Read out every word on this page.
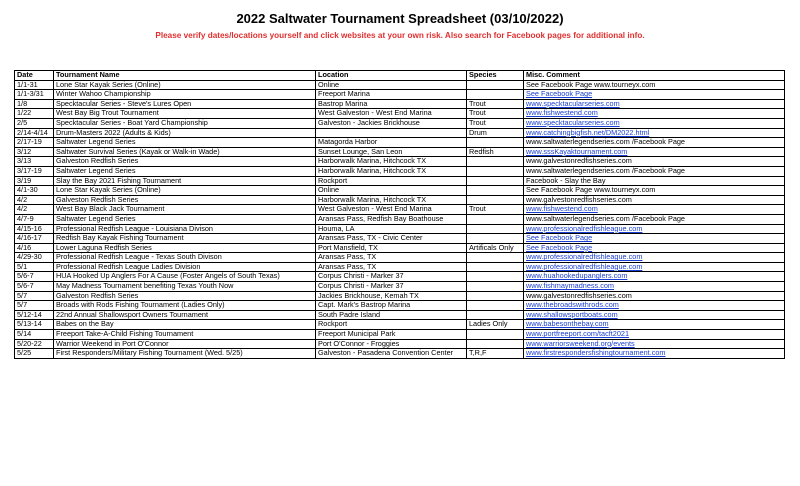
2022 Saltwater Tournament Spreadsheet (03/10/2022)
Please verify dates/locations yourself and click websites at your own risk. Also search for Facebook pages for additional info.
Date	Tournament Name	Location	Species	Misc. Comment
1/1-31	Lone Star Kayak Series (Online)	Online		See Facebook Page www.tourneyx.com
1/1-3/31	Winter Wahoo Championship	Freeport Marina		See Facebook Page
1/8	Specktacular Series - Steve's Lures Open	Bastrop Marina	Trout	www.specktacularseries.com
1/22	West Bay Big Trout Tournament	West Galveston - West End Marina	Trout	www.fishwestend.com
2/5	Specktacular Series - Boat Yard Championship	Galveston - Jackies Brickhouse	Trout	www.specktacularseries.com
2/14-4/14	Drum-Masters 2022 (Adults & Kids)		Drum	www.catchingbigfish.net/DM2022.html
2/17-19	Saltwater Legend Series	Matagorda Harbor		www.saltwaterlegendseries.com /Facebook Page
3/12	Saltwater Survival Series (Kayak or Walk-in Wade)	Sunset Lounge, San Leon	Redfish	www.sssKayaktournament.com
3/13	Galveston Redfish Series	Harborwalk Marina, Hitchcock TX		www.galvestonredfishseries.com
3/17-19	Saltwater Legend Series	Harborwalk Marina, Hitchcock TX		www.saltwaterlegendseries.com /Facebook Page
3/19	Slay the Bay 2021 Fishing Tournament	Rockport		Facebook - Slay the Bay
4/1-30	Lone Star Kayak Series (Online)	Online		See Facebook Page www.tourneyx.com
4/2	Galveston Redfish Series	Harborwalk Marina, Hitchcock TX		www.galvestonredfishseries.com
4/2	West Bay Black Jack Tournament	West Galveston - West End Marina	Trout	www.fishwestend.com
4/7-9	Saltwater Legend Series	Aransas Pass, Redfish Bay Boathouse		www.saltwaterlegendseries.com /Facebook Page
4/15-16	Professional Redfish League - Louisiana Divison	Houma, LA		www.professionalredfishleague.com
4/16-17	Redfish Bay Kayak Fishing Tournament	Aransas Pass, TX - Civic Center		See Facebook Page
4/16	Lower Laguna Redfish Series	Port Mansfield, TX	Artificals Only	See Facebook Page
4/29-30	Professional Redfish League - Texas South Divison	Aransas Pass, TX		www.professionalredfishleague.com
5/1	Professional Redfish League Ladies Division	Aransas Pass, TX		www.professionalredfishleague.com
5/6-7	HUA Hooked Up Anglers For A Cause (Foster Angels of South Texas)	Corpus Christi - Marker 37		www.huahookedupanglers.com
5/6-7	May Madness Tournament benefiting Texas Youth Now	Corpus Christi - Marker 37		www.fishmaymadness.com
5/7	Galveston Redfish Series	Jackies Brickhouse, Kemah TX		www.galvestonredfishseries.com
5/7	Broads with Rods Fishing Tournament (Ladies Only)	Capt. Mark's Bastrop Marina		www.thebroadswithrods.com
5/12-14	22nd Annual Shallowsport Owners Tournament	South Padre Island		www.shallowsportboats.com
5/13-14	Babes on the Bay	Rockport	Ladies Only	www.babesonthebay.com
5/14	Freeport Take-A-Child Fishing Tournament	Freeport Municipal Park		www.portfreeport.com/tacft2021
5/20-22	Warrior Weekend in Port O'Connor	Port O'Connor - Froggies		www.warriorsweekend.org/events
5/25	First Responders/Military Fishing Tournament (Wed. 5/25)	Galveston - Pasadena Convention Center	T,R,F	www.firstrespondersfishingtournament.com
